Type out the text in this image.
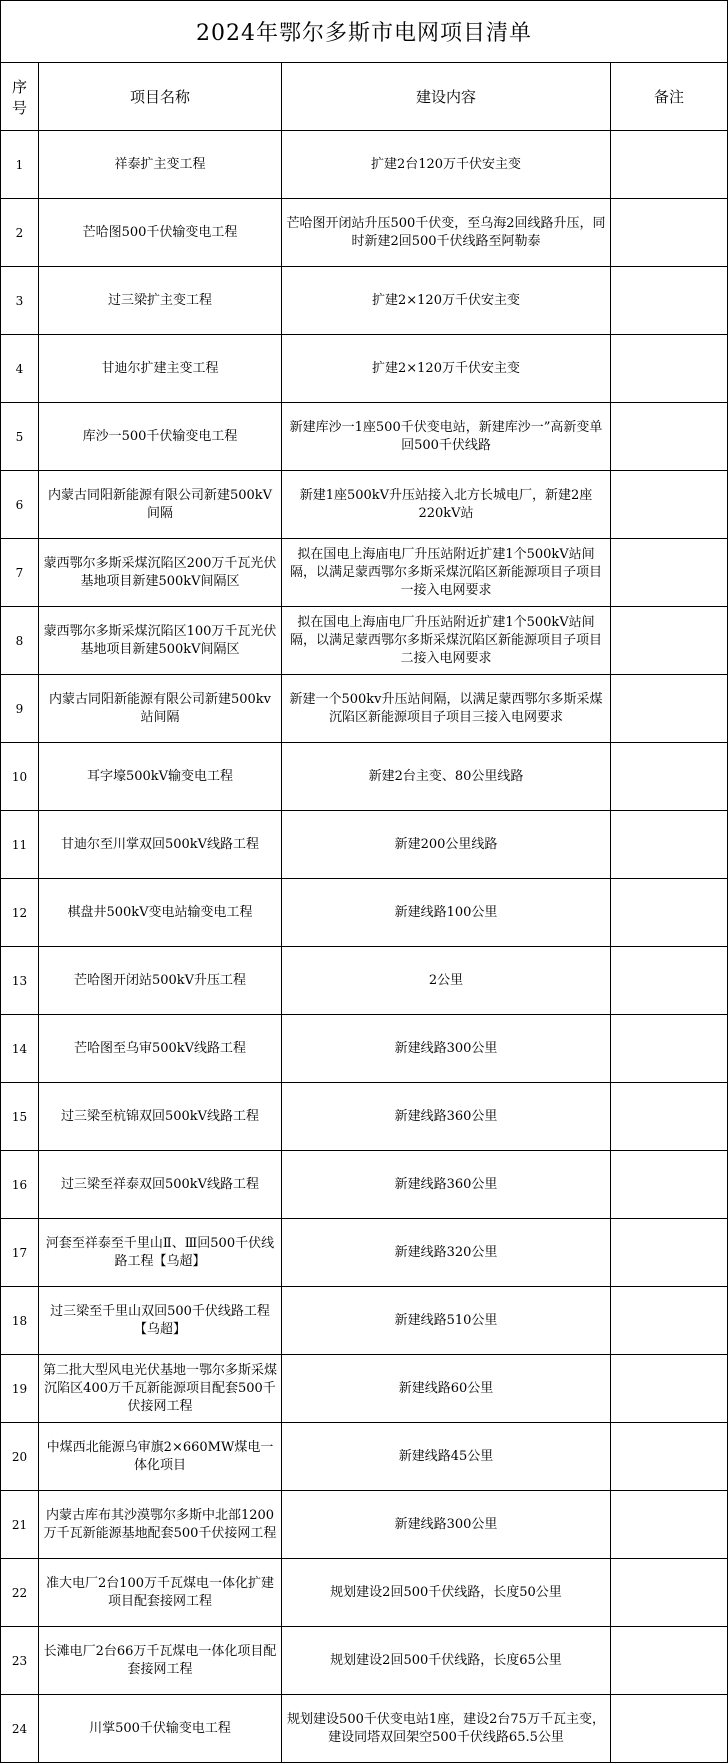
2024年鄂尔多斯市电网项目清单			
序号	项目名称	建设内容	备注
1	祥泰扩主变工程	扩建2台120万千伏安主变	
2	芒哈图500千伏输变电工程	芒哈图开闭站升压500千伏变，至乌海2回线路升压，同时新建2回500千伏线路至阿勒泰	
3	过三梁扩主变工程	扩建2×120万千伏安主变	
4	甘迪尔扩建主变工程	扩建2×120万千伏安主变	
5	库沙一500千伏输变电工程	新建库沙一1座500千伏变电站，新建库沙一”高新变单回500千伏线路	
6	内蒙古同阳新能源有限公司新建500kV间隔	新建1座500kV升压站接入北方长城电厂，新建2座220kV站	
7	蒙西鄂尔多斯采煤沉陷区200万千瓦光伏基地项目新建500kV间隔区	拟在国电上海庙电厂升压站附近扩建1个500kV站间隔，以满足蒙西鄂尔多斯采煤沉陷区新能源项目子项目一接入电网要求	
8	蒙西鄂尔多斯采煤沉陷区100万千瓦光伏基地项目新建500kV间隔区	拟在国电上海庙电厂升压站附近扩建1个500kV站间隔，以满足蒙西鄂尔多斯采煤沉陷区新能源项目子项目二接入电网要求	
9	内蒙古同阳新能源有限公司新建500kv站间隔	新建一个500kv升压站间隔，以满足蒙西鄂尔多斯采煤沉陷区新能源项目子项目三接入电网要求	
10	耳字壕500kV输变电工程	新建2台主变、80公里线路	
11	甘迪尔至川掌双回500kV线路工程	新建200公里线路	
12	棋盘井500kV变电站输变电工程	新建线路100公里	
13	芒哈图开闭站500kV升压工程	2公里	
14	芒哈图至乌审500kV线路工程	新建线路300公里	
15	过三梁至杭锦双回500kV线路工程	新建线路360公里	
16	过三梁至祥泰双回500kV线路工程	新建线路360公里	
17	河套至祥泰至千里山Ⅱ、Ⅲ回500千伏线路工程【乌超】	新建线路320公里	
18	过三梁至千里山双回500千伏线路工程【乌超】	新建线路510公里	
19	第二批大型风电光伏基地一鄂尔多斯采煤沉陷区400万千瓦新能源项目配套500千伏接网工程	新建线路60公里	
20	中煤西北能源乌审旗2×660MW煤电一体化项目	新建线路45公里	
21	内蒙古库布其沙漠鄂尔多斯中北部1200万千瓦新能源基地配套500千伏接网工程	新建线路300公里	
22	准大电厂2台100万千瓦煤电一体化扩建项目配套接网工程	规划建设2回500千伏线路，长度50公里	
23	长滩电厂2台66万千瓦煤电一体化项目配套接网工程	规划建设2回500千伏线路，长度65公里	
24	川掌500千伏输变电工程	规划建设500千伏变电站1座，建设2台75万千瓦主变，建设同塔双回架空500千伏线路65.5公里	
